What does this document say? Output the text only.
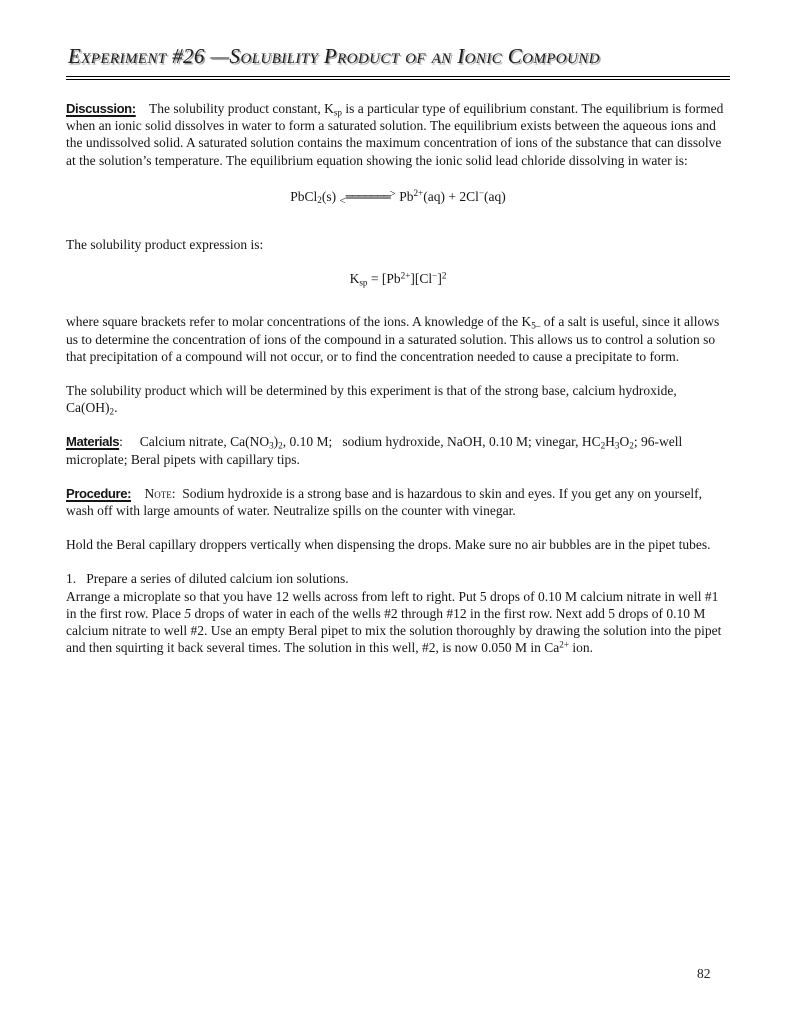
Experiment #26 —Solubility Product of an Ionic Compound

Discussion:    The solubility product constant, $K_{sp}$ is a particular type of equilibrium constant. The equilibrium is formed when an ionic solid dissolves in water to form a saturated solution. The equilibrium exists between the aqueous ions and the undissolved solid. A saturated solution contains the maximum concentration of ions of the substance that can dissolve at the solution’s temperature. The equilibrium equation showing the ionic solid lead chloride dissolving in water is:

PbCl$_2$(s) $_<$═══════> $Pb^{2+}(aq) + 2Cl^-(aq)$

The solubility product expression is:

$K_{sp} = [Pb^{2+}][Cl^-]^2$

where square brackets refer to molar concentrations of the ions. A knowledge of the $K_{5-}$ of a salt is useful, since it allows us to determine the concentration of ions of the compound in a saturated solution. This allows us to control a solution so that precipitation of a compound will not occur, or to find the concentration needed to cause a precipitate to form.

The solubility product which will be determined by this experiment is that of the strong base, calcium hydroxide, $Ca(OH)_2$.

Materials:     Calcium nitrate, $Ca(NO_3)_2$, 0.10 M;   sodium hydroxide, NaOH, 0.10 M; vinegar, $HC_2H_3O_2$; 96-well microplate; Beral pipets with capillary tips.

Procedure: Note:  Sodium hydroxide is a strong base and is hazardous to skin and eyes. If you get any on yourself, wash off with large amounts of water. Neutralize spills on the counter with vinegar.

Hold the Beral capillary droppers vertically when dispensing the drops. Make sure no air bubbles are in the pipet tubes.

1.   Prepare a series of diluted calcium ion solutions.

Arrange a microplate so that you have 12 wells across from left to right. Put 5 drops of 0.10 M calcium nitrate in well #1 in the first row. Place 5 drops of water in each of the wells #2 through #12 in the first row. Next add 5 drops of 0.10 M calcium nitrate to well #2. Use an empty Beral pipet to mix the solution thoroughly by drawing the solution into the pipet and then squirting it back several times. The solution in this well, #2, is now 0.050 M in $Ca^{2+}$ ion.

82
